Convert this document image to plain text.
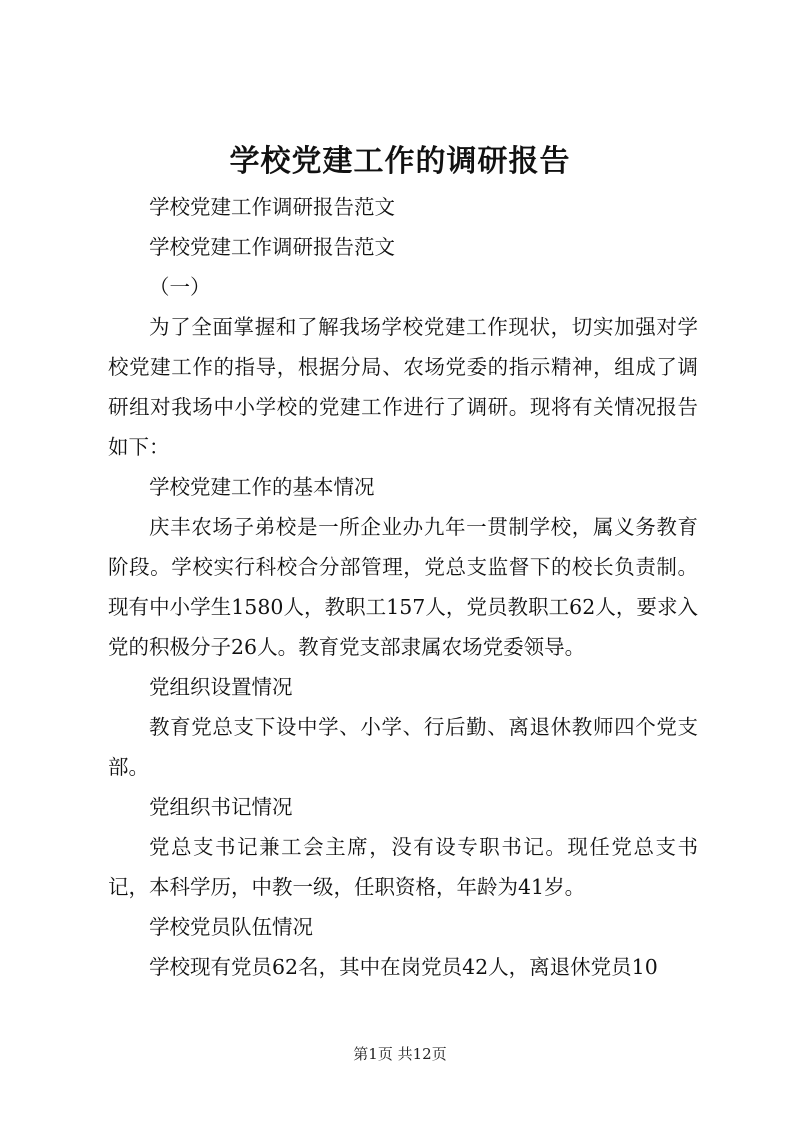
学校党建工作的调研报告

学校党建工作调研报告范文

学校党建工作调研报告范文

（一）

为了全面掌握和了解我场学校党建工作现状，切实加强对学校党建工作的指导，根据分局、农场党委的指示精神，组成了调研组对我场中小学校的党建工作进行了调研。现将有关情况报告如下：

学校党建工作的基本情况

庆丰农场子弟校是一所企业办九年一贯制学校，属义务教育阶段。学校实行科校合分部管理，党总支监督下的校长负责制。现有中小学生1580人，教职工157人，党员教职工62人，要求入党的积极分子26人。教育党支部隶属农场党委领导。

党组织设置情况

教育党总支下设中学、小学、行后勤、离退休教师四个党支部。

党组织书记情况

党总支书记兼工会主席，没有设专职书记。现任党总支书记，本科学历，中教一级，任职资格，年龄为41岁。

学校党员队伍情况

学校现有党员62名，其中在岗党员42人，离退休党员10

第1页 共12页
